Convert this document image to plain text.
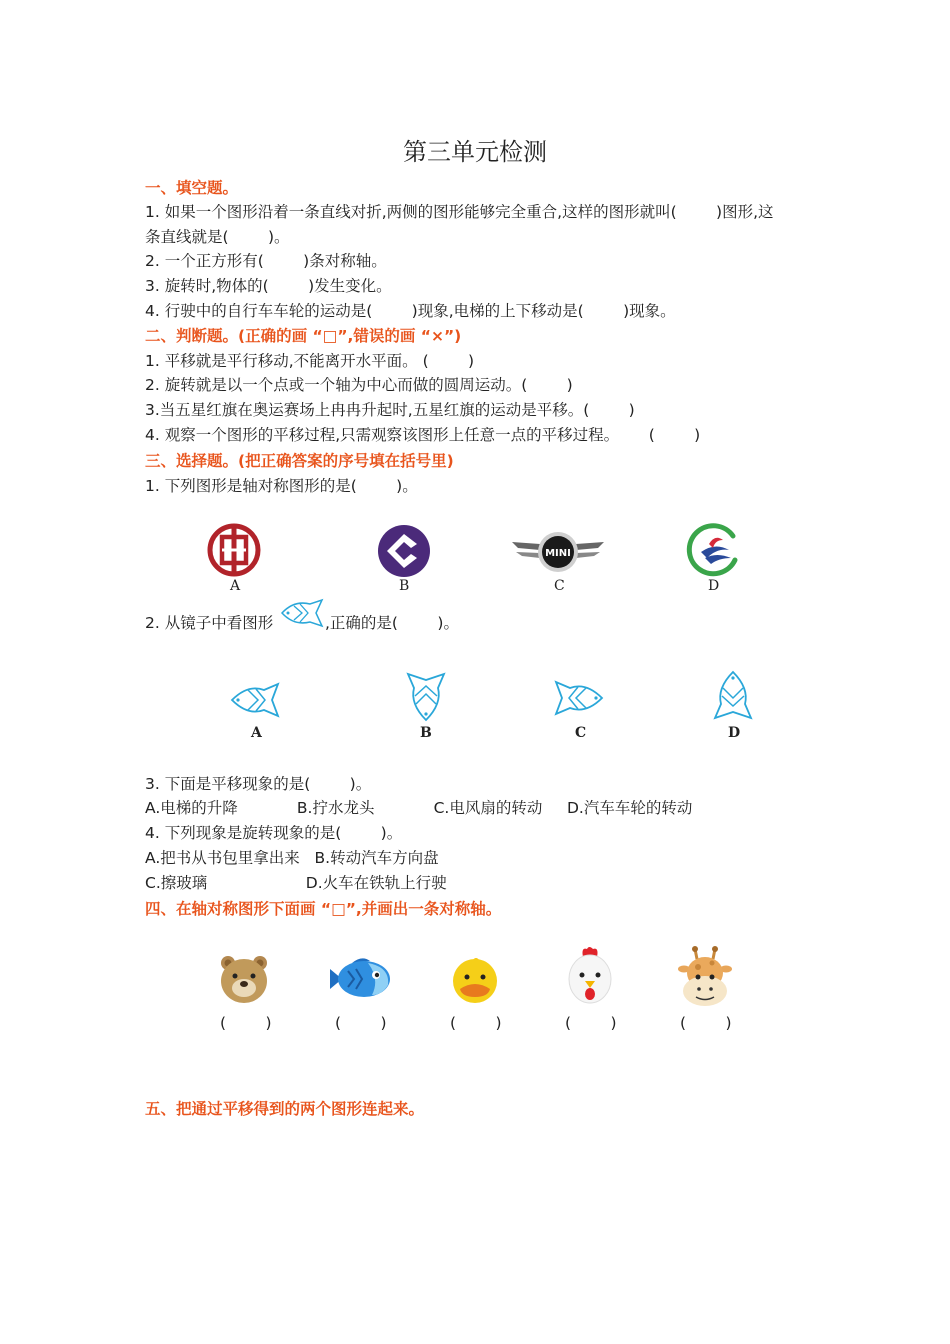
第三单元检测
一、填空题。
1. 如果一个图形沿着一条直线对折,两侧的图形能够完全重合,这样的图形就叫(        )图形,这
条直线就是(        )。
2. 一个正方形有(        )条对称轴。
3. 旋转时,物体的(        )发生变化。
4. 行驶中的自行车车轮的运动是(        )现象,电梯的上下移动是(        )现象。
二、判断题。(正确的画 “□”,错误的画 “×”)
1. 平移就是平行移动,不能离开水平面。 (        )
2. 旋转就是以一个点或一个轴为中心而做的圆周运动。(        )
3.当五星红旗在奥运赛场上冉冉升起时,五星红旗的运动是平移。(        )
4. 观察一个图形的平移过程,只需观察该图形上任意一点的平移过程。      (        )
三、选择题。(把正确答案的序号填在括号里)
1. 下列图形是轴对称图形的是(        )。
A	B
MINI
C	D
2. 从镜子中看图形	,正确的是(        )。
A	B	C	D
3. 下面是平移现象的是(        )。
A.电梯的升降            B.拧水龙头            C.电风扇的转动     D.汽车车轮的转动
4. 下列现象是旋转现象的是(        )。
A.把书从书包里拿出来   B.转动汽车方向盘
C.擦玻璃                    D.火车在铁轨上行驶
四、在轴对称图形下面画 “□”,并画出一条对称轴。
(        )	(        )	(        )	(        )	(        )
五、把通过平移得到的两个图形连起来。
